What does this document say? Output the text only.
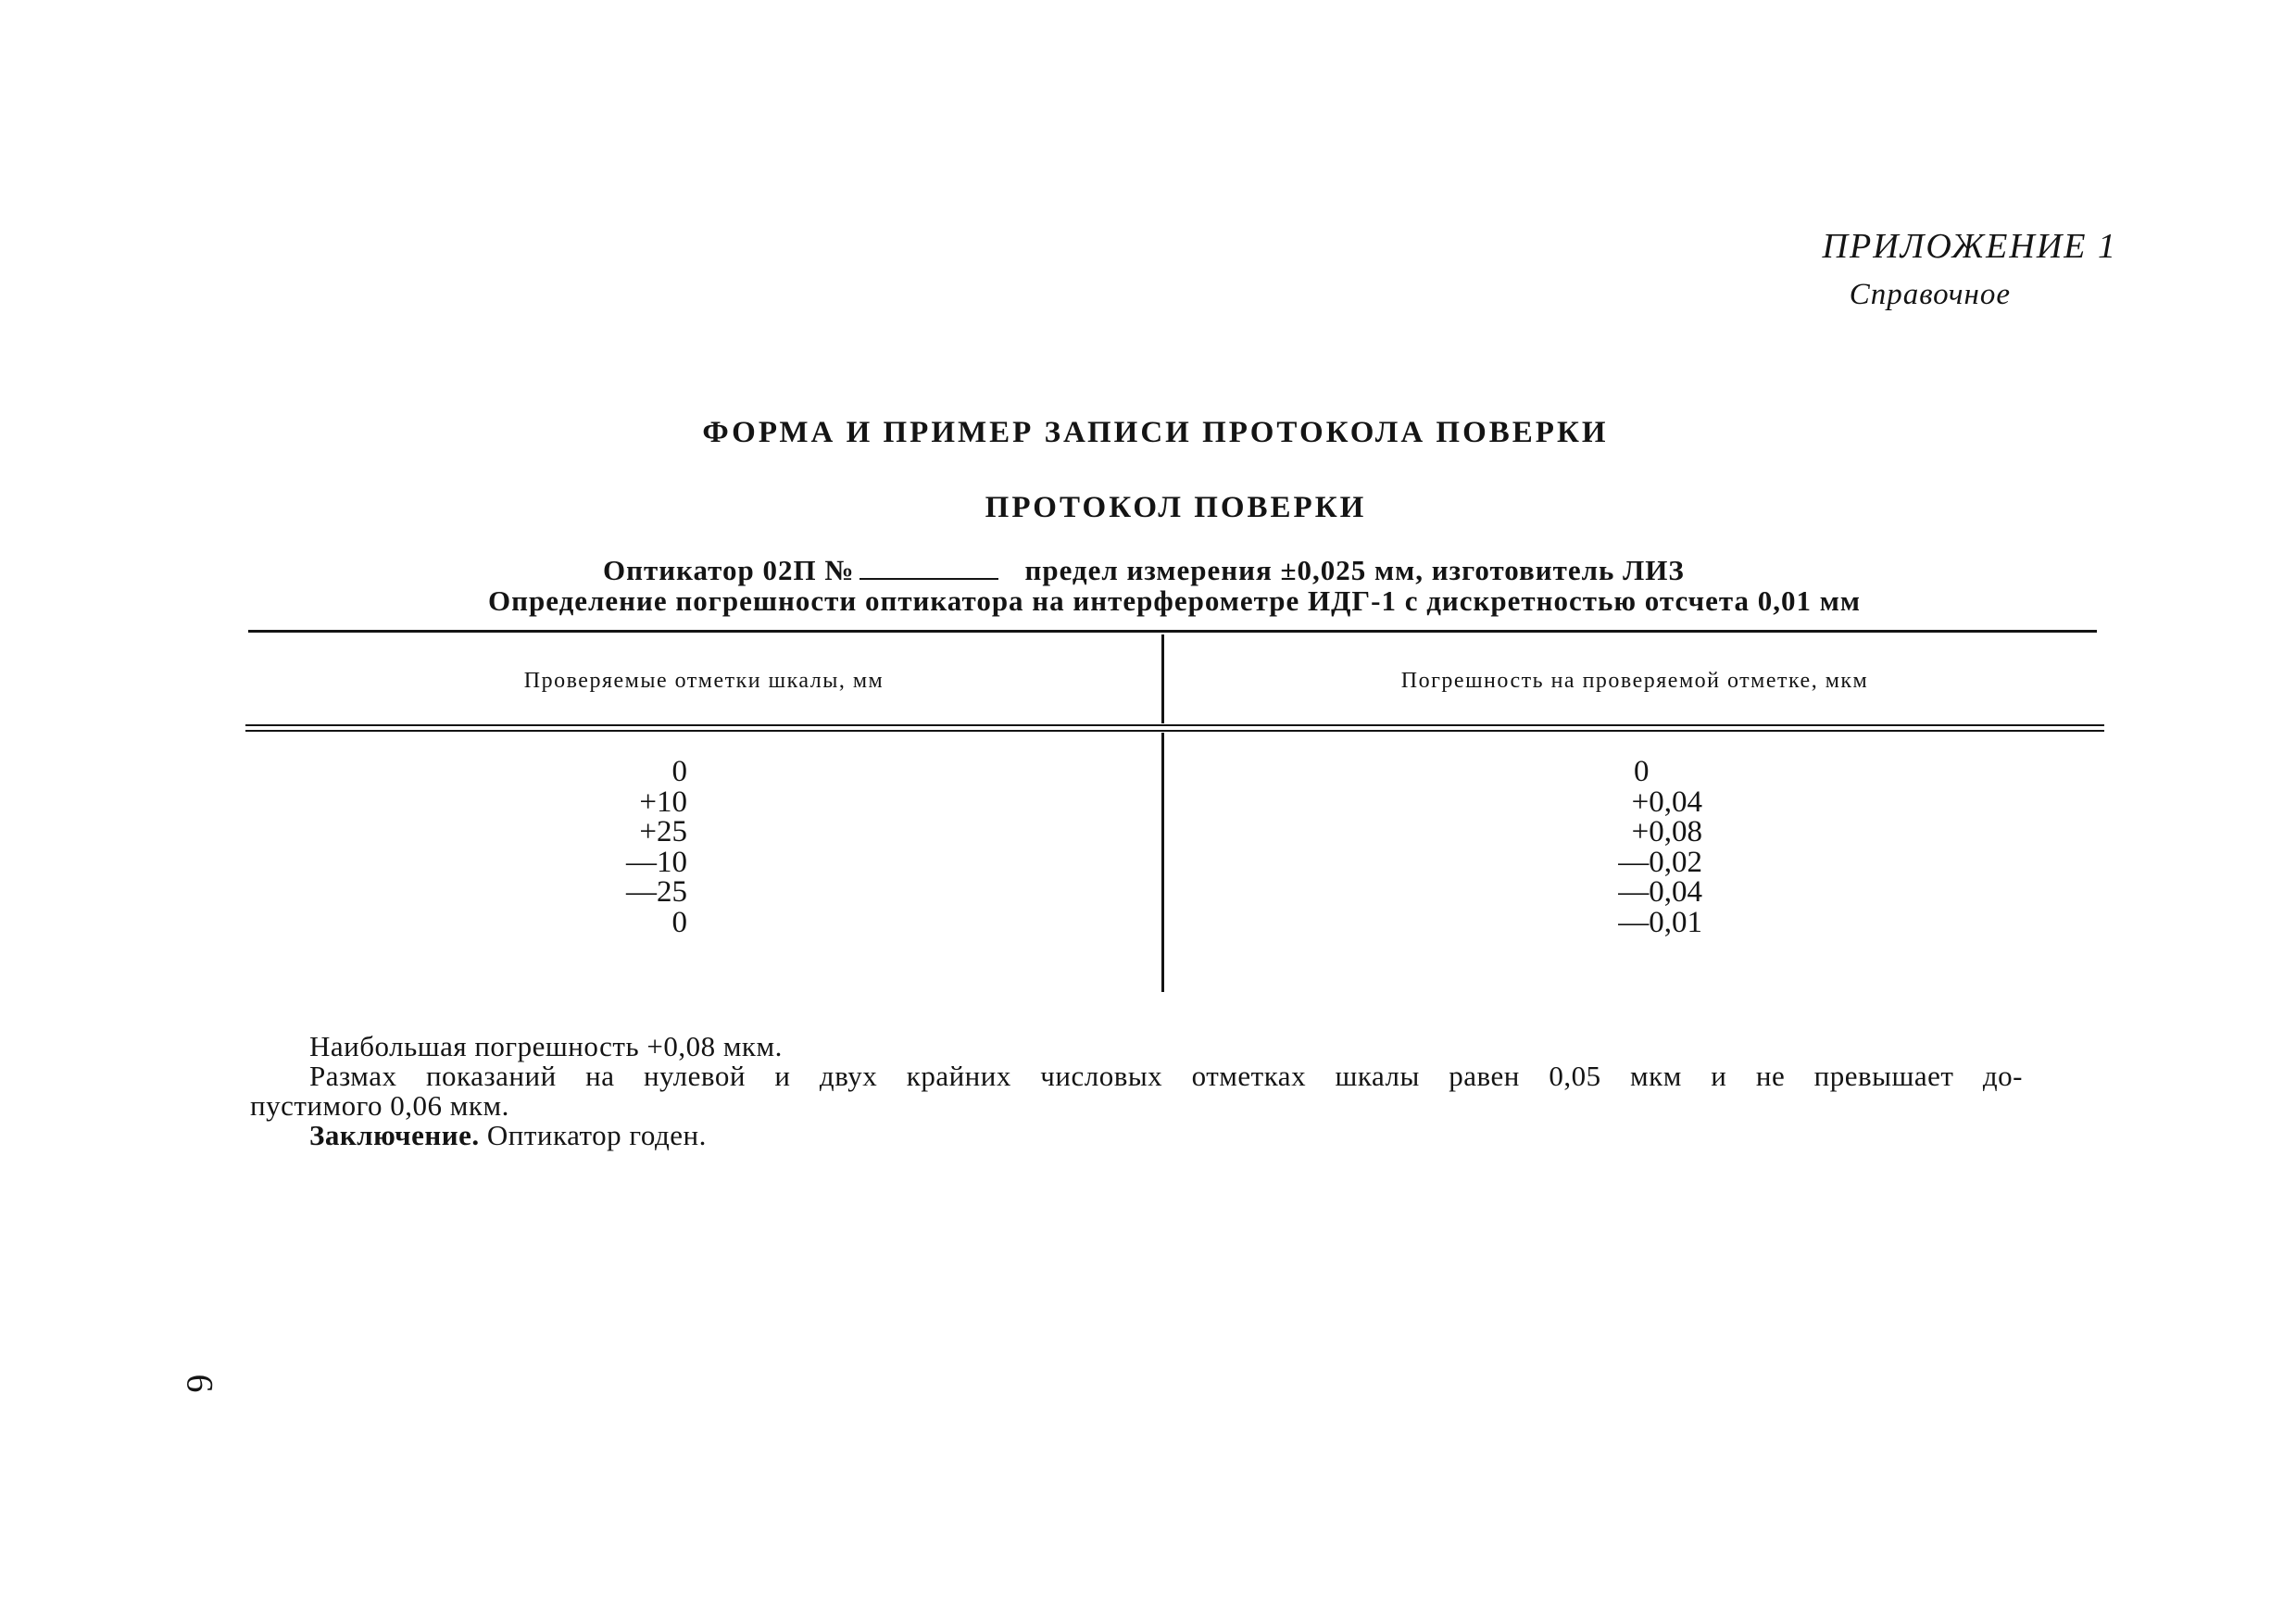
ПРИЛОЖЕНИЕ 1
Справочное
ФОРМА И ПРИМЕР ЗАПИСИ ПРОТОКОЛА ПОВЕРКИ
ПРОТОКОЛ ПОВЕРКИ
Оптикатор 02П №	предел измерения ±0,025 мм, изготовитель ЛИЗ
Определение погрешности оптикатора на интерферометре ИДГ-1 с дискретностью отсчета 0,01 мм
Проверяемые отметки шкалы, мм	Погрешность на проверяемой отметке, мкм
0
+10
+25
—10
—25
0
0
+0,04
+0,08
—0,02
—0,04
—0,01
Наибольшая погрешность +0,08 мкм.
Размах показаний на нулевой и двух крайних числовых отметках шкалы равен 0,05 мкм и не превышает до-
пустимого 0,06 мкм.
Заключение. Оптикатор годен.
6
